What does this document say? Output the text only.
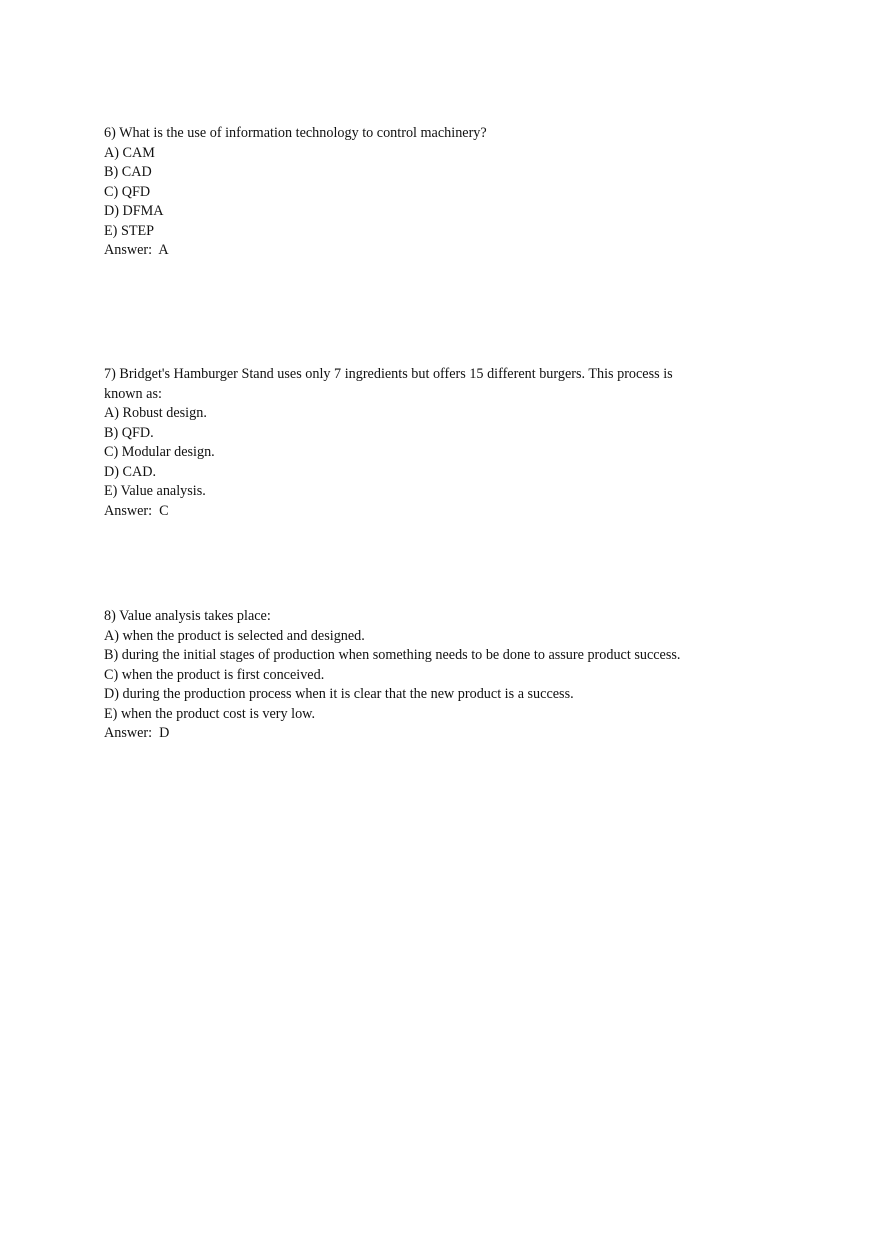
6) What is the use of information technology to control machinery?
A) CAM
B) CAD
C) QFD
D) DFMA
E) STEP
Answer:  A
7) Bridget's Hamburger Stand uses only 7 ingredients but offers 15 different burgers. This process is known as:
A) Robust design.
B) QFD.
C) Modular design.
D) CAD.
E) Value analysis.
Answer:  C
8) Value analysis takes place:
A) when the product is selected and designed.
B) during the initial stages of production when something needs to be done to assure product success.
C) when the product is first conceived.
D) during the production process when it is clear that the new product is a success.
E) when the product cost is very low.
Answer:  D
